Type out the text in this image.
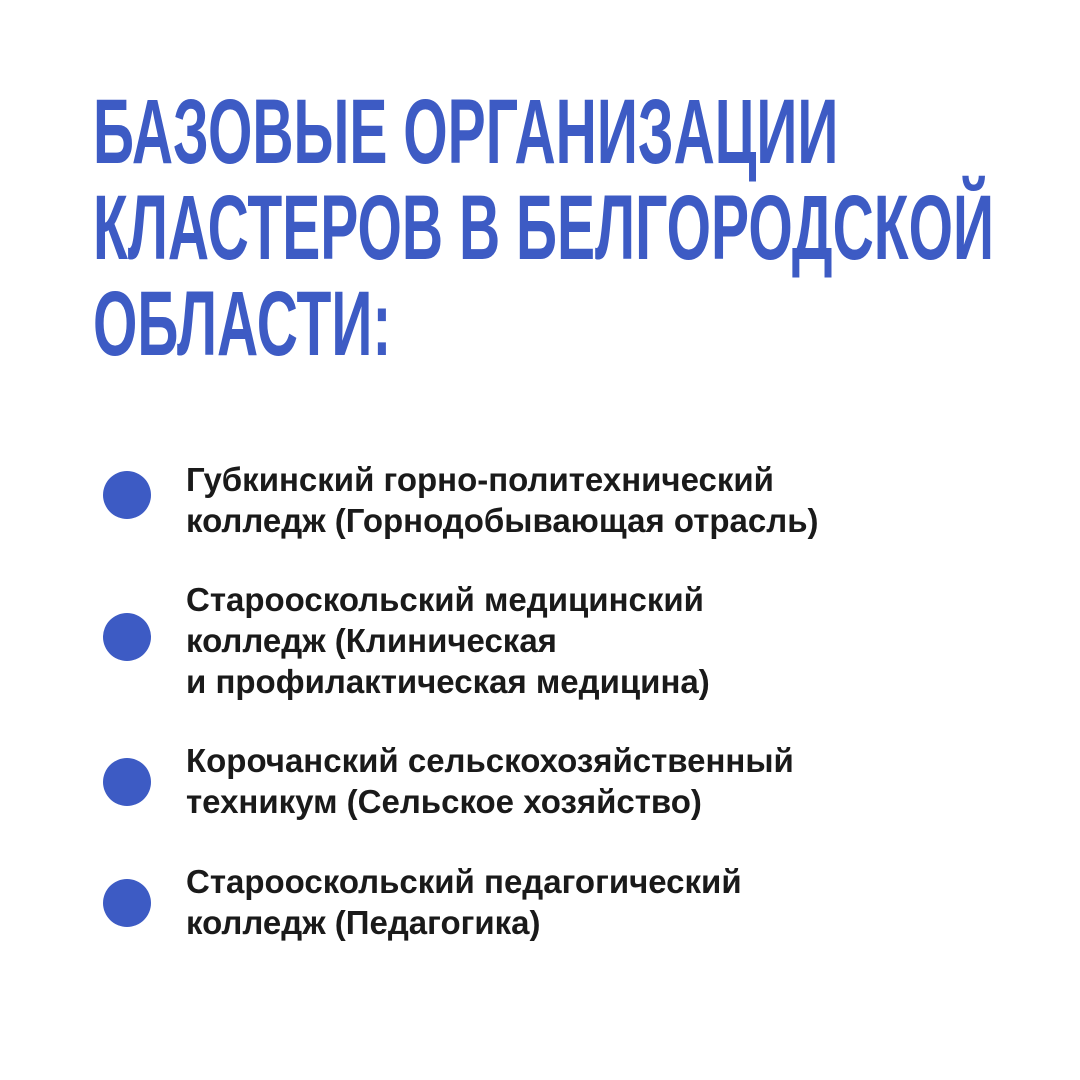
БАЗОВЫЕ ОРГАНИЗАЦИИ
КЛАСТЕРОВ В БЕЛГОРОДСКОЙ
ОБЛАСТИ:
Губкинский горно-политехнический
колледж (Горнодобывающая отрасль)
Старооскольский медицинский
колледж (Клиническая
и профилактическая медицина)
Корочанский сельскохозяйственный
техникум (Сельское хозяйство)
Старооскольский педагогический
колледж (Педагогика)
